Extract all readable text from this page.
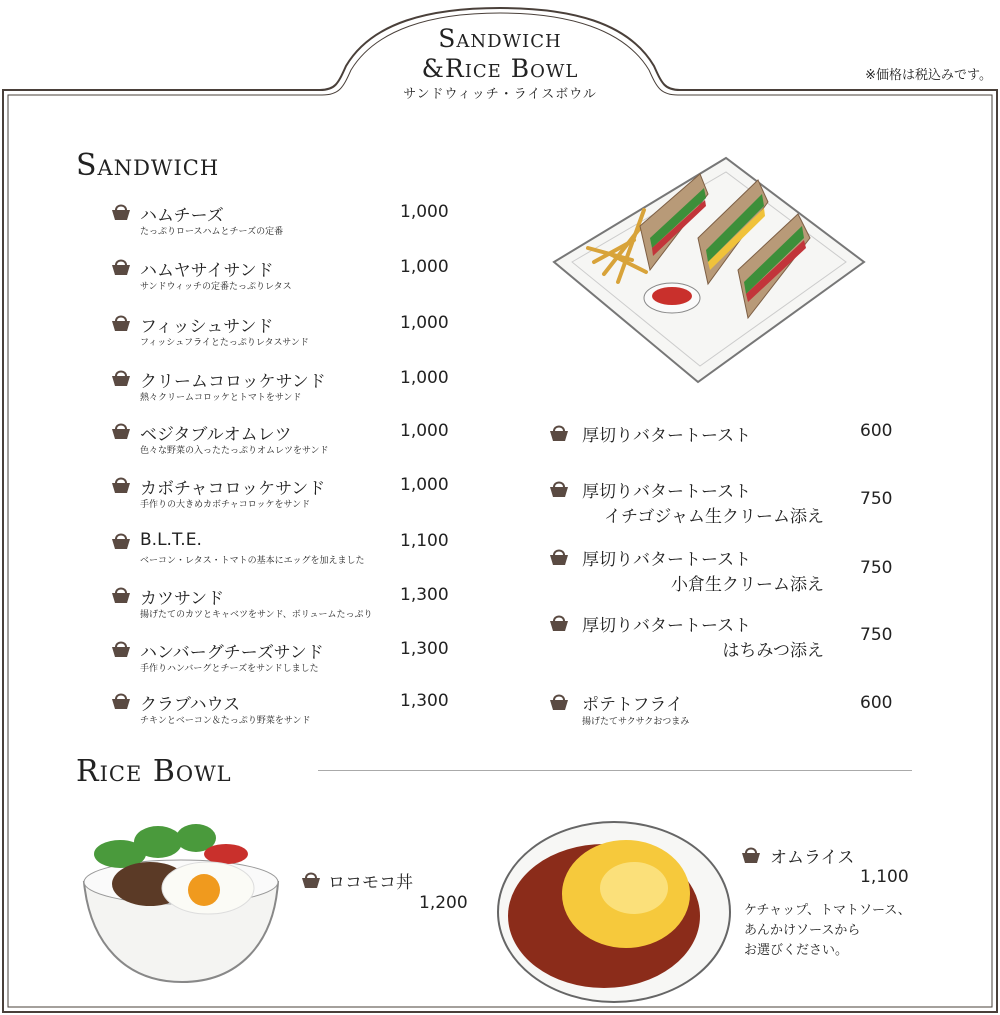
Sandwich
&Rice Bowl
サンドウィッチ・ライスボウル
※価格は税込みです。
Sandwich
Rice Bowl
ハムチーズ
たっぷりロースハムとチーズの定番
1,000
ハムヤサイサンド
サンドウィッチの定番たっぷりレタス
1,000
フィッシュサンド
フィッシュフライとたっぷりレタスサンド
1,000
クリームコロッケサンド
熱々クリームコロッケとトマトをサンド
1,000
ベジタブルオムレツ
色々な野菜の入ったたっぷりオムレツをサンド
1,000
カボチャコロッケサンド
手作りの大きめカボチャコロッケをサンド
1,000
B.L.T.E.
ベーコン・レタス・トマトの基本にエッグを加えました
1,100
カツサンド
揚げたてのカツとキャベツをサンド、ボリュームたっぷり
1,300
ハンバーグチーズサンド
手作りハンバーグとチーズをサンドしました
1,300
クラブハウス
チキンとベーコン＆たっぷり野菜をサンド
1,300
厚切りバタートースト	600
厚切りバタートースト
イチゴジャム生クリーム添え
750
厚切りバタートースト
小倉生クリーム添え
750
厚切りバタートースト
はちみつ添え
750
ポテトフライ
揚げたてサクサクおつまみ
600
ロコモコ丼
1,200
オムライス
1,100
ケチャップ、トマトソース、
あんかけソースから
お選びください。
